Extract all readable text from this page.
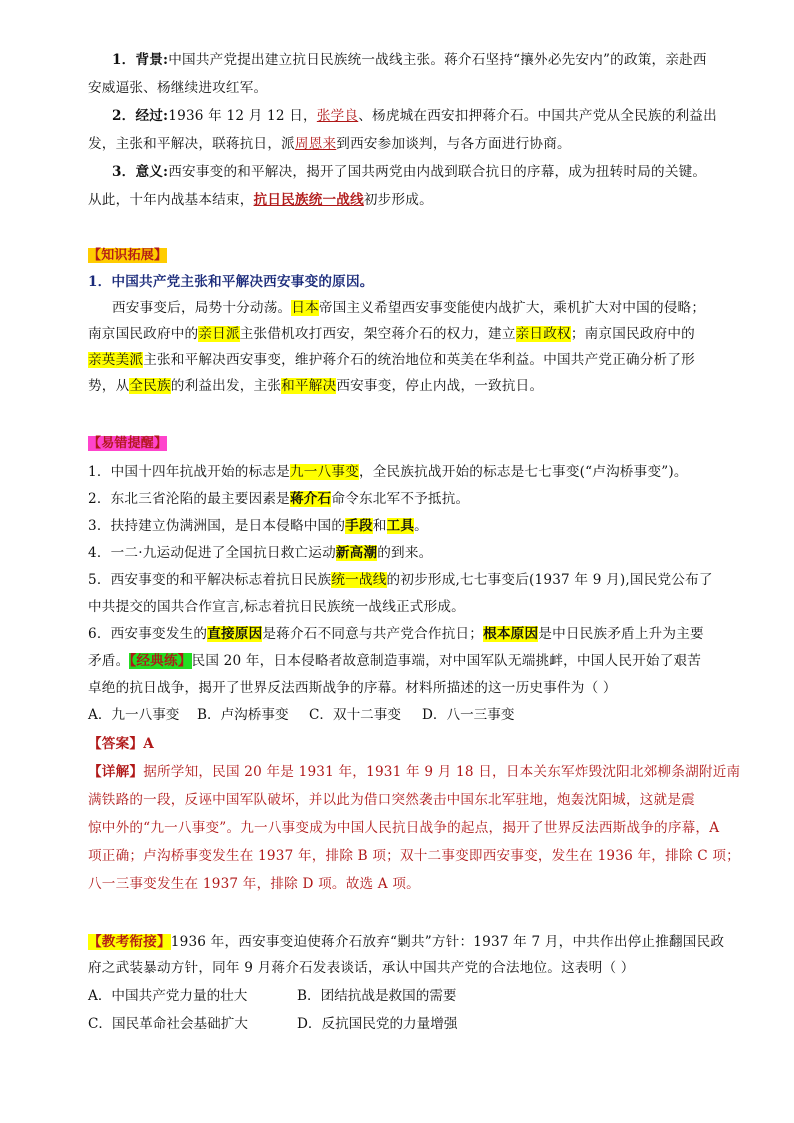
1．背景:中国共产党提出建立抗日民族统一战线主张。蒋介石坚持“攘外必先安内”的政策，亲赴西
安威逼张、杨继续进攻红军。
2．经过:1936 年 12 月 12 日，张学良、杨虎城在西安扣押蒋介石。中国共产党从全民族的利益出
发，主张和平解决，联蒋抗日，派周恩来到西安参加谈判，与各方面进行协商。
3．意义:西安事变的和平解决，揭开了国共两党由内战到联合抗日的序幕，成为扭转时局的关键。
从此，十年内战基本结束，抗日民族统一战线初步形成。
【知识拓展】
1．中国共产党主张和平解决西安事变的原因。
西安事变后，局势十分动荡。日本帝国主义希望西安事变能使内战扩大，乘机扩大对中国的侵略；
南京国民政府中的亲日派主张借机攻打西安，架空蒋介石的权力，建立亲日政权；南京国民政府中的
亲英美派主张和平解决西安事变，维护蒋介石的统治地位和英美在华利益。中国共产党正确分析了形
势，从全民族的利益出发，主张和平解决西安事变，停止内战，一致抗日。
【易错提醒】
1．中国十四年抗战开始的标志是九一八事变，全民族抗战开始的标志是七七事变(“卢沟桥事变”)。
2．东北三省沦陷的最主要因素是蒋介石命令东北军不予抵抗。
3．扶持建立伪满洲国，是日本侵略中国的手段和工具。
4．一二·九运动促进了全国抗日救亡运动新高潮的到来。
5．西安事变的和平解决标志着抗日民族统一战线的初步形成,七七事变后(1937 年 9 月),国民党公布了
中共提交的国共合作宣言,标志着抗日民族统一战线正式形成。
6．西安事变发生的直接原因是蒋介石不同意与共产党合作抗日；根本原因是中日民族矛盾上升为主要
矛盾。【经典练】民国 20 年，日本侵略者故意制造事端，对中国军队无端挑衅，中国人民开始了艰苦
卓绝的抗日战争，揭开了世界反法西斯战争的序幕。材料所描述的这一历史事件为（ ）
A．九一八事变 B．卢沟桥事变 C．双十二事变 D．八一三事变
【答案】A
【详解】据所学知，民国 20 年是 1931 年，1931 年 9 月 18 日，日本关东军炸毁沈阳北郊柳条湖附近南
满铁路的一段，反诬中国军队破坏，并以此为借口突然袭击中国东北军驻地，炮轰沈阳城，这就是震
惊中外的“九一八事变”。九一八事变成为中国人民抗日战争的起点，揭开了世界反法西斯战争的序幕，A
项正确；卢沟桥事变发生在 1937 年，排除 B 项；双十二事变即西安事变，发生在 1936 年，排除 C 项；
八一三事变发生在 1937 年，排除 D 项。故选 A 项。
【教考衔接】1936 年，西安事变迫使蒋介石放弃“剿共”方针：1937 年 7 月，中共作出停止推翻国民政
府之武装暴动方针，同年 9 月蒋介石发表谈话，承认中国共产党的合法地位。这表明（ ）
A．中国共产党力量的壮大	B．团结抗战是救国的需要
C．国民革命社会基础扩大	D．反抗国民党的力量增强
